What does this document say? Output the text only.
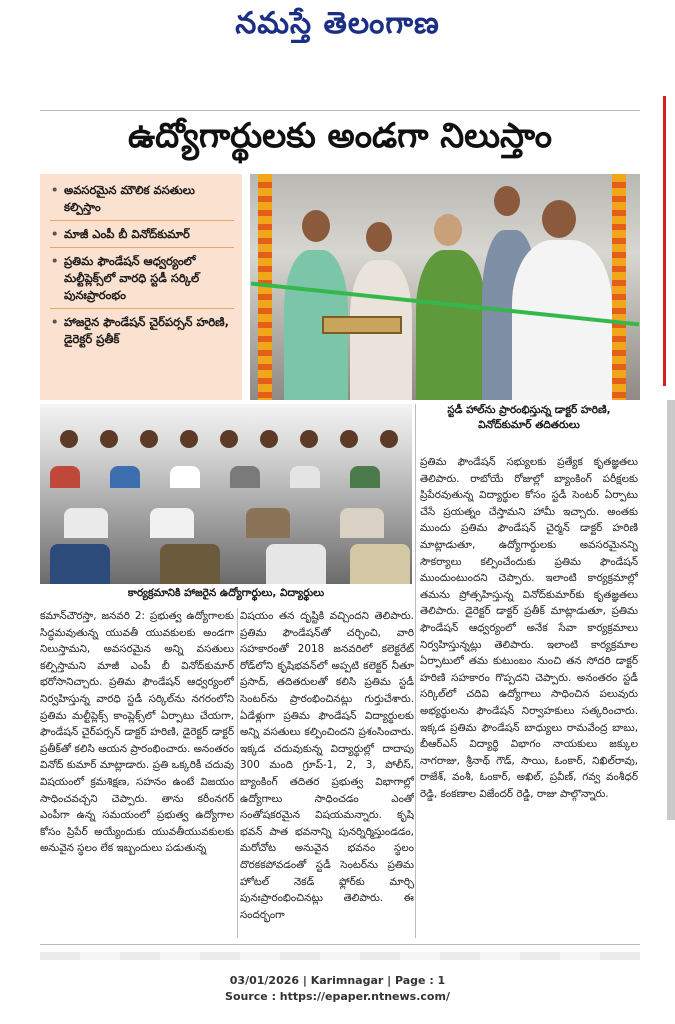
నమస్తే తెలంగాణ
ఉద్యోగార్థులకు అండగా నిలుస్తాం
• అవసరమైన మౌలిక వసతులు కల్పిస్తాం
• మాజీ ఎంపీ బీ వినోద్‌కుమార్
• ప్రతిమ ఫౌండేషన్ ఆధ్వర్యంలో మల్టీప్లెక్స్‌లో వారధి స్టడీ సర్కిల్ పునఃప్రారంభం
• హాజరైన ఫౌండేషన్ చైర్‌పర్సన్ హరిణి, డైరెక్టర్ ప్రతీక్
స్టడీ హాల్‌ను ప్రారంభిస్తున్న డాక్టర్ హరిణి, వినోద్‌కుమార్ తదితరులు
కార్యక్రమానికి హాజరైన ఉద్యోగార్థులు, విద్యార్థులు
ప్రతిమ ఫౌండేషన్ సభ్యులకు ప్రత్యేక కృతజ్ఞతలు తెలిపారు. రాబోయే రోజుల్లో బ్యాంకింగ్ పరీక్షలకు ప్రిపేరవుతున్న విద్యార్థుల కోసం స్టడీ సెంటర్ ఏర్పాటు చేసే ప్రయత్నం చేస్తామని హామీ ఇచ్చారు. అంతకు ముందు ప్రతిమ ఫౌండేషన్ చైర్మన్ డాక్టర్ హరిణి మాట్లాడుతూ, ఉద్యోగార్థులకు అవసరమైనన్ని సౌకర్యాలు కల్పించేందుకు ప్రతిమ ఫౌండేషన్ ముందుంటుందని చెప్పారు. ఇలాంటి కార్యక్రమాల్లో తమను ప్రోత్సహిస్తున్న వినోద్‌కుమార్‌కు కృతజ్ఞతలు తెలిపారు. డైరెక్టర్ డాక్టర్ ప్రతీక్ మాట్లాడుతూ, ప్రతిమ ఫౌండేషన్ ఆధ్వర్యంలో అనేక సేవా కార్యక్రమాలు నిర్వహిస్తున్నట్లు తెలిపారు. ఇలాంటి కార్యక్రమాల ఏర్పాటులో తమ కుటుంబం నుంచి తన సోదరి డాక్టర్ హరిణి సహకారం గొప్పదని చెప్పారు. అనంతరం స్టడీ సర్కిల్‌లో చదివి ఉద్యోగాలు సాధించిన పలువురు అభ్యర్థులను ఫౌండేషన్ నిర్వాహకులు సత్కరించారు. ఇక్కడ ప్రతిమ ఫౌండేషన్ బాధ్యులు రామవేంద్ర బాబు, బీఆర్ఎస్ విద్యార్థి విభాగం నాయకులు జక్కుల నాగరాజు, శ్రీనాథ్ గౌడ్, సాయి, ఓంకార్, నిఖిల్‌రావు, రాజేశ్, వంశీ, ఓంకార్, అఖిల్, ప్రవీణ్, గవ్వ వంశీధర్ రెడ్డి, కంకణాల విజేందర్ రెడ్డి, రాజు పాల్గొన్నారు.
కమాన్‌చౌరస్తా, జనవరి 2: ప్రభుత్వ ఉద్యోగాలకు సిద్ధమవుతున్న యువతీ యువకులకు అండగా నిలుస్తామని, అవసరమైన అన్ని వసతులు కల్పిస్తామని మాజీ ఎంపీ బీ వినోద్‌కుమార్ భరోసానిచ్చారు. ప్రతిమ ఫౌండేషన్ ఆధ్వర్యంలో నిర్వహిస్తున్న వారధి స్టడీ సర్కిల్‌ను నగరంలోని ప్రతిమ మల్టీప్లెక్స్ కాంప్లెక్స్‌లో ఏర్పాటు చేయగా, ఫౌండేషన్ చైర్‌పర్సన్ డాక్టర్ హరిణి, డైరెక్టర్ డాక్టర్ ప్రతీక్‌తో కలిసి ఆయన ప్రారంభించారు. అనంతరం వినోద్ కుమార్ మాట్లాడారు. ప్రతి ఒక్కరికీ చదువు విషయంలో క్రమశిక్షణ, సహనం ఉంటే విజయం సాధించవచ్చని చెప్పారు. తాను కరీంనగర్ ఎంపీగా ఉన్న సమయంలో ప్రభుత్వ ఉద్యోగాల కోసం ప్రిపేర్ అయ్యేందుకు యువతీయువకులకు అనువైన స్థలం లేక ఇబ్బందులు పడుతున్న
విషయం తన దృష్టికి వచ్చిందని తెలిపారు. ప్రతిమ ఫౌండేషన్‌తో చర్చించి, వారి సహకారంతో 2018 జనవరిలో కలెక్టరేట్ రోడ్‌లోని కృషిభవన్‌లో అప్పటి కలెక్టర్ నీతూ ప్రసాద్, తదితరులతో కలిసి ప్రతిమ స్టడీ సెంటర్‌ను ప్రారంభించినట్లు గుర్తుచేశారు. ఏడేళ్లుగా ప్రతిమ ఫౌండేషన్ విద్యార్థులకు అన్ని వసతులు కల్పించిందని ప్రశంసించారు. ఇక్కడ చదువుకున్న విద్యార్థుల్లో దాదాపు 300 మంది గ్రూప్-1, 2, 3, పోలీస్, బ్యాంకింగ్ తదితర ప్రభుత్వ విభాగాల్లో ఉద్యోగాలు సాధించడం ఎంతో సంతోషకరమైన విషయమన్నారు. కృషి భవన్ పాత భవనాన్ని పునర్నిర్మిస్తుండడం, మరోచోట అనువైన భవనం స్థలం దొరకకపోవడంతో స్టడీ సెంటర్‌ను ప్రతిమ హోటల్ నెకడ్ ఫ్లోర్‌కు మార్చి పునఃప్రారంభించినట్లు తెలిపారు. ఈ సందర్భంగా
03/01/2026 | Karimnagar | Page : 1
Source : https://epaper.ntnews.com/
